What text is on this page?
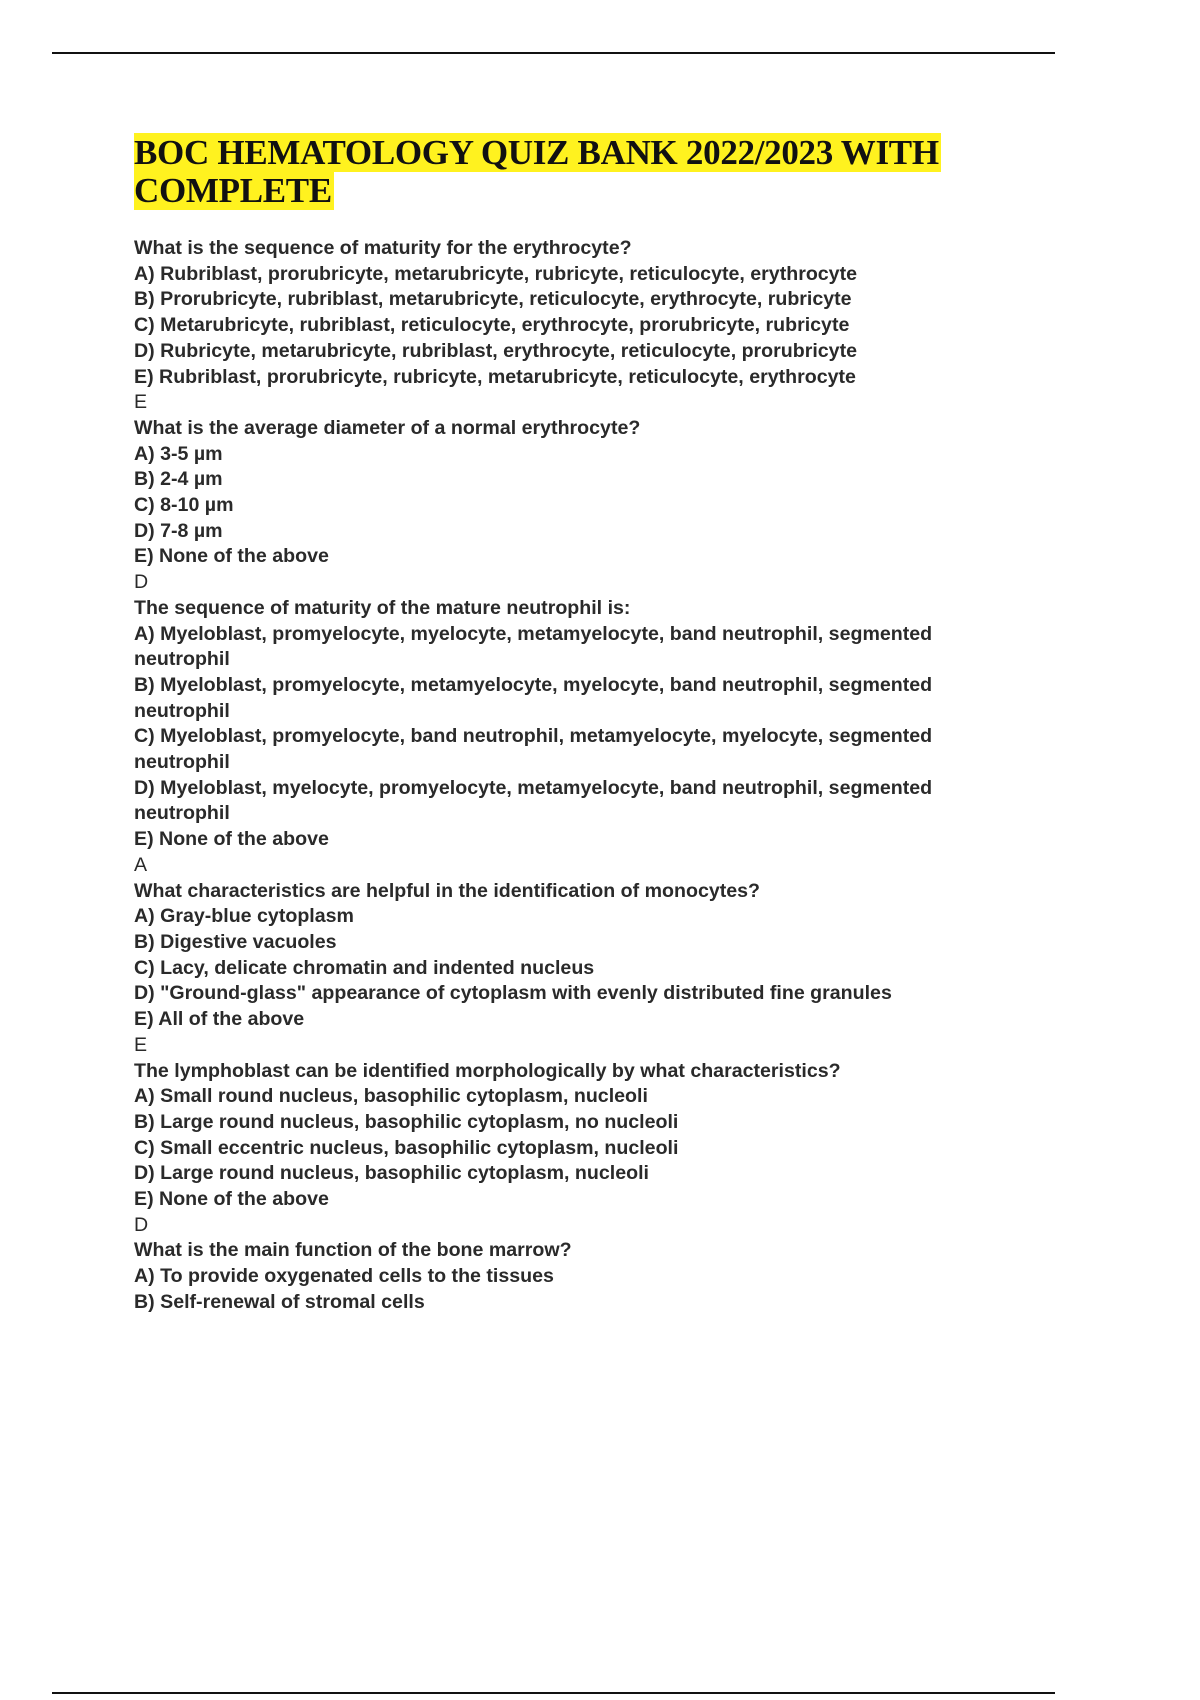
BOC HEMATOLOGY QUIZ BANK 2022/2023 WITH COMPLETE
What is the sequence of maturity for the erythrocyte?
A) Rubriblast, prorubricyte, metarubricyte, rubricyte, reticulocyte, erythrocyte
B) Prorubricyte, rubriblast, metarubricyte, reticulocyte, erythrocyte, rubricyte
C) Metarubricyte, rubriblast, reticulocyte, erythrocyte, prorubricyte, rubricyte
D) Rubricyte, metarubricyte, rubriblast, erythrocyte, reticulocyte, prorubricyte
E) Rubriblast, prorubricyte, rubricyte, metarubricyte, reticulocyte, erythrocyte
E
What is the average diameter of a normal erythrocyte?
A) 3-5 µm
B) 2-4 µm
C) 8-10 µm
D) 7-8 µm
E) None of the above
D
The sequence of maturity of the mature neutrophil is:
A) Myeloblast, promyelocyte, myelocyte, metamyelocyte, band neutrophil, segmented neutrophil
B) Myeloblast, promyelocyte, metamyelocyte, myelocyte, band neutrophil, segmented neutrophil
C) Myeloblast, promyelocyte, band neutrophil, metamyelocyte, myelocyte, segmented neutrophil
D) Myeloblast, myelocyte, promyelocyte, metamyelocyte, band neutrophil, segmented neutrophil
E) None of the above
A
What characteristics are helpful in the identification of monocytes?
A) Gray-blue cytoplasm
B) Digestive vacuoles
C) Lacy, delicate chromatin and indented nucleus
D) "Ground-glass" appearance of cytoplasm with evenly distributed fine granules
E) All of the above
E
The lymphoblast can be identified morphologically by what characteristics?
A) Small round nucleus, basophilic cytoplasm, nucleoli
B) Large round nucleus, basophilic cytoplasm, no nucleoli
C) Small eccentric nucleus, basophilic cytoplasm, nucleoli
D) Large round nucleus, basophilic cytoplasm, nucleoli
E) None of the above
D
What is the main function of the bone marrow?
A) To provide oxygenated cells to the tissues
B) Self-renewal of stromal cells
